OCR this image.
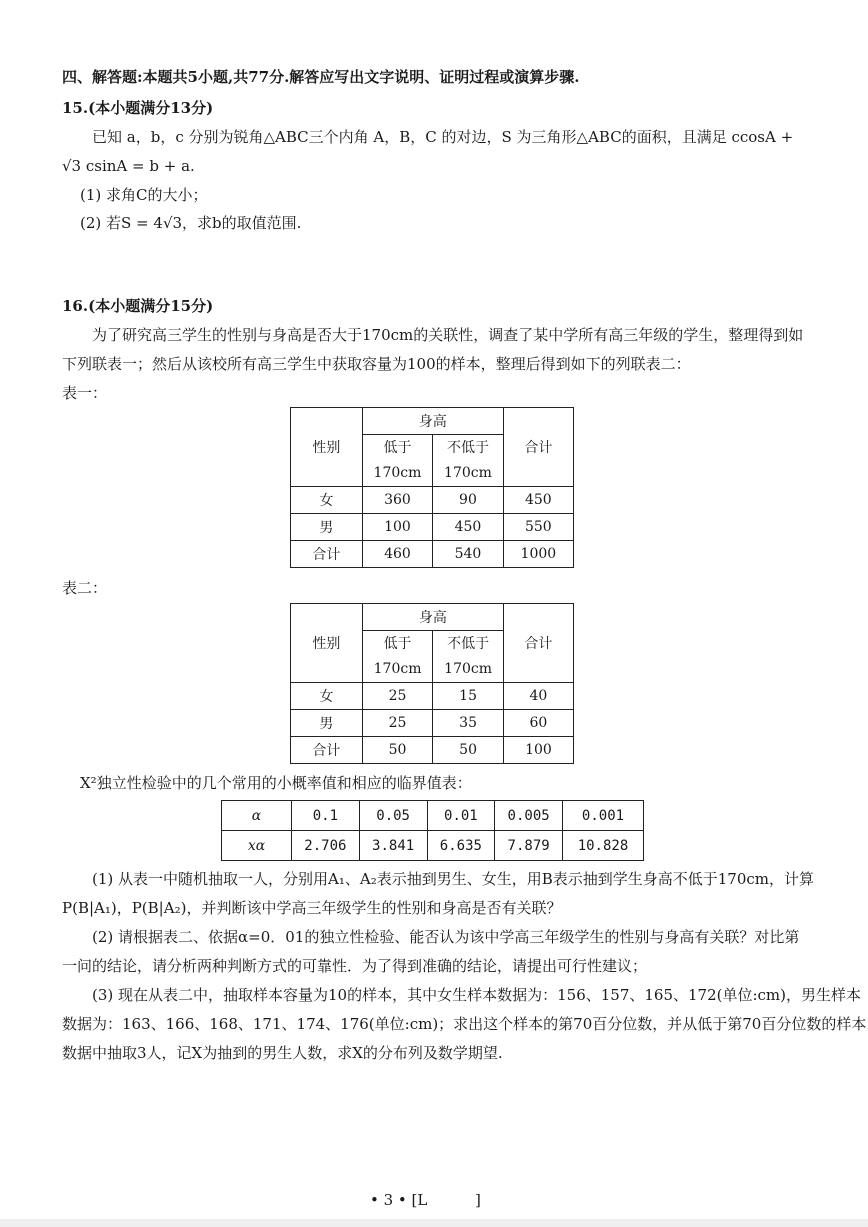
四、解答题:本题共5小题,共77分.解答应写出文字说明、证明过程或演算步骤.
15.(本小题满分13分)
已知 a，b，c 分别为锐角△ABC三个内角 A，B，C 的对边，S 为三角形△ABC的面积，且满足 ccosA +
√3 csinA = b + a.
(1) 求角C的大小；
(2) 若S = 4√3，求b的取值范围.
16.(本小题满分15分)
为了研究高三学生的性别与身高是否大于170cm的关联性，调查了某中学所有高三年级的学生，整理得到如
下列联表一；然后从该校所有高三学生中获取容量为100的样本，整理后得到如下的列联表二：
表一：
性别	身高		合计
	低于 170cm	不低于 170cm	
女	360	90	450
男	100	450	550
合计	460	540	1000
表二：
性别	身高		合计
	低于 170cm	不低于 170cm	
女	25	15	40
男	25	35	60
合计	50	50	100
X²独立性检验中的几个常用的小概率值和相应的临界值表：
α	0.1	0.05	0.01	0.005	0.001
xα	2.706	3.841	6.635	7.879	10.828
(1) 从表一中随机抽取一人，分别用A₁、A₂表示抽到男生、女生，用B表示抽到学生身高不低于170cm，计算
P(B|A₁)，P(B|A₂)，并判断该中学高三年级学生的性别和身高是否有关联？
(2) 请根据表二、依据α=0．01的独立性检验、能否认为该中学高三年级学生的性别与身高有关联？对比第
一问的结论，请分析两种判断方式的可靠性．为了得到准确的结论，请提出可行性建议；
(3) 现在从表二中，抽取样本容量为10的样本，其中女生样本数据为：156、157、165、172(单位:cm)，男生样本
数据为：163、166、168、171、174、176(单位:cm)；求出这个样本的第70百分位数，并从低于第70百分位数的样本
数据中抽取3人，记X为抽到的男生人数，求X的分布列及数学期望.
• 3 • [L          ]
